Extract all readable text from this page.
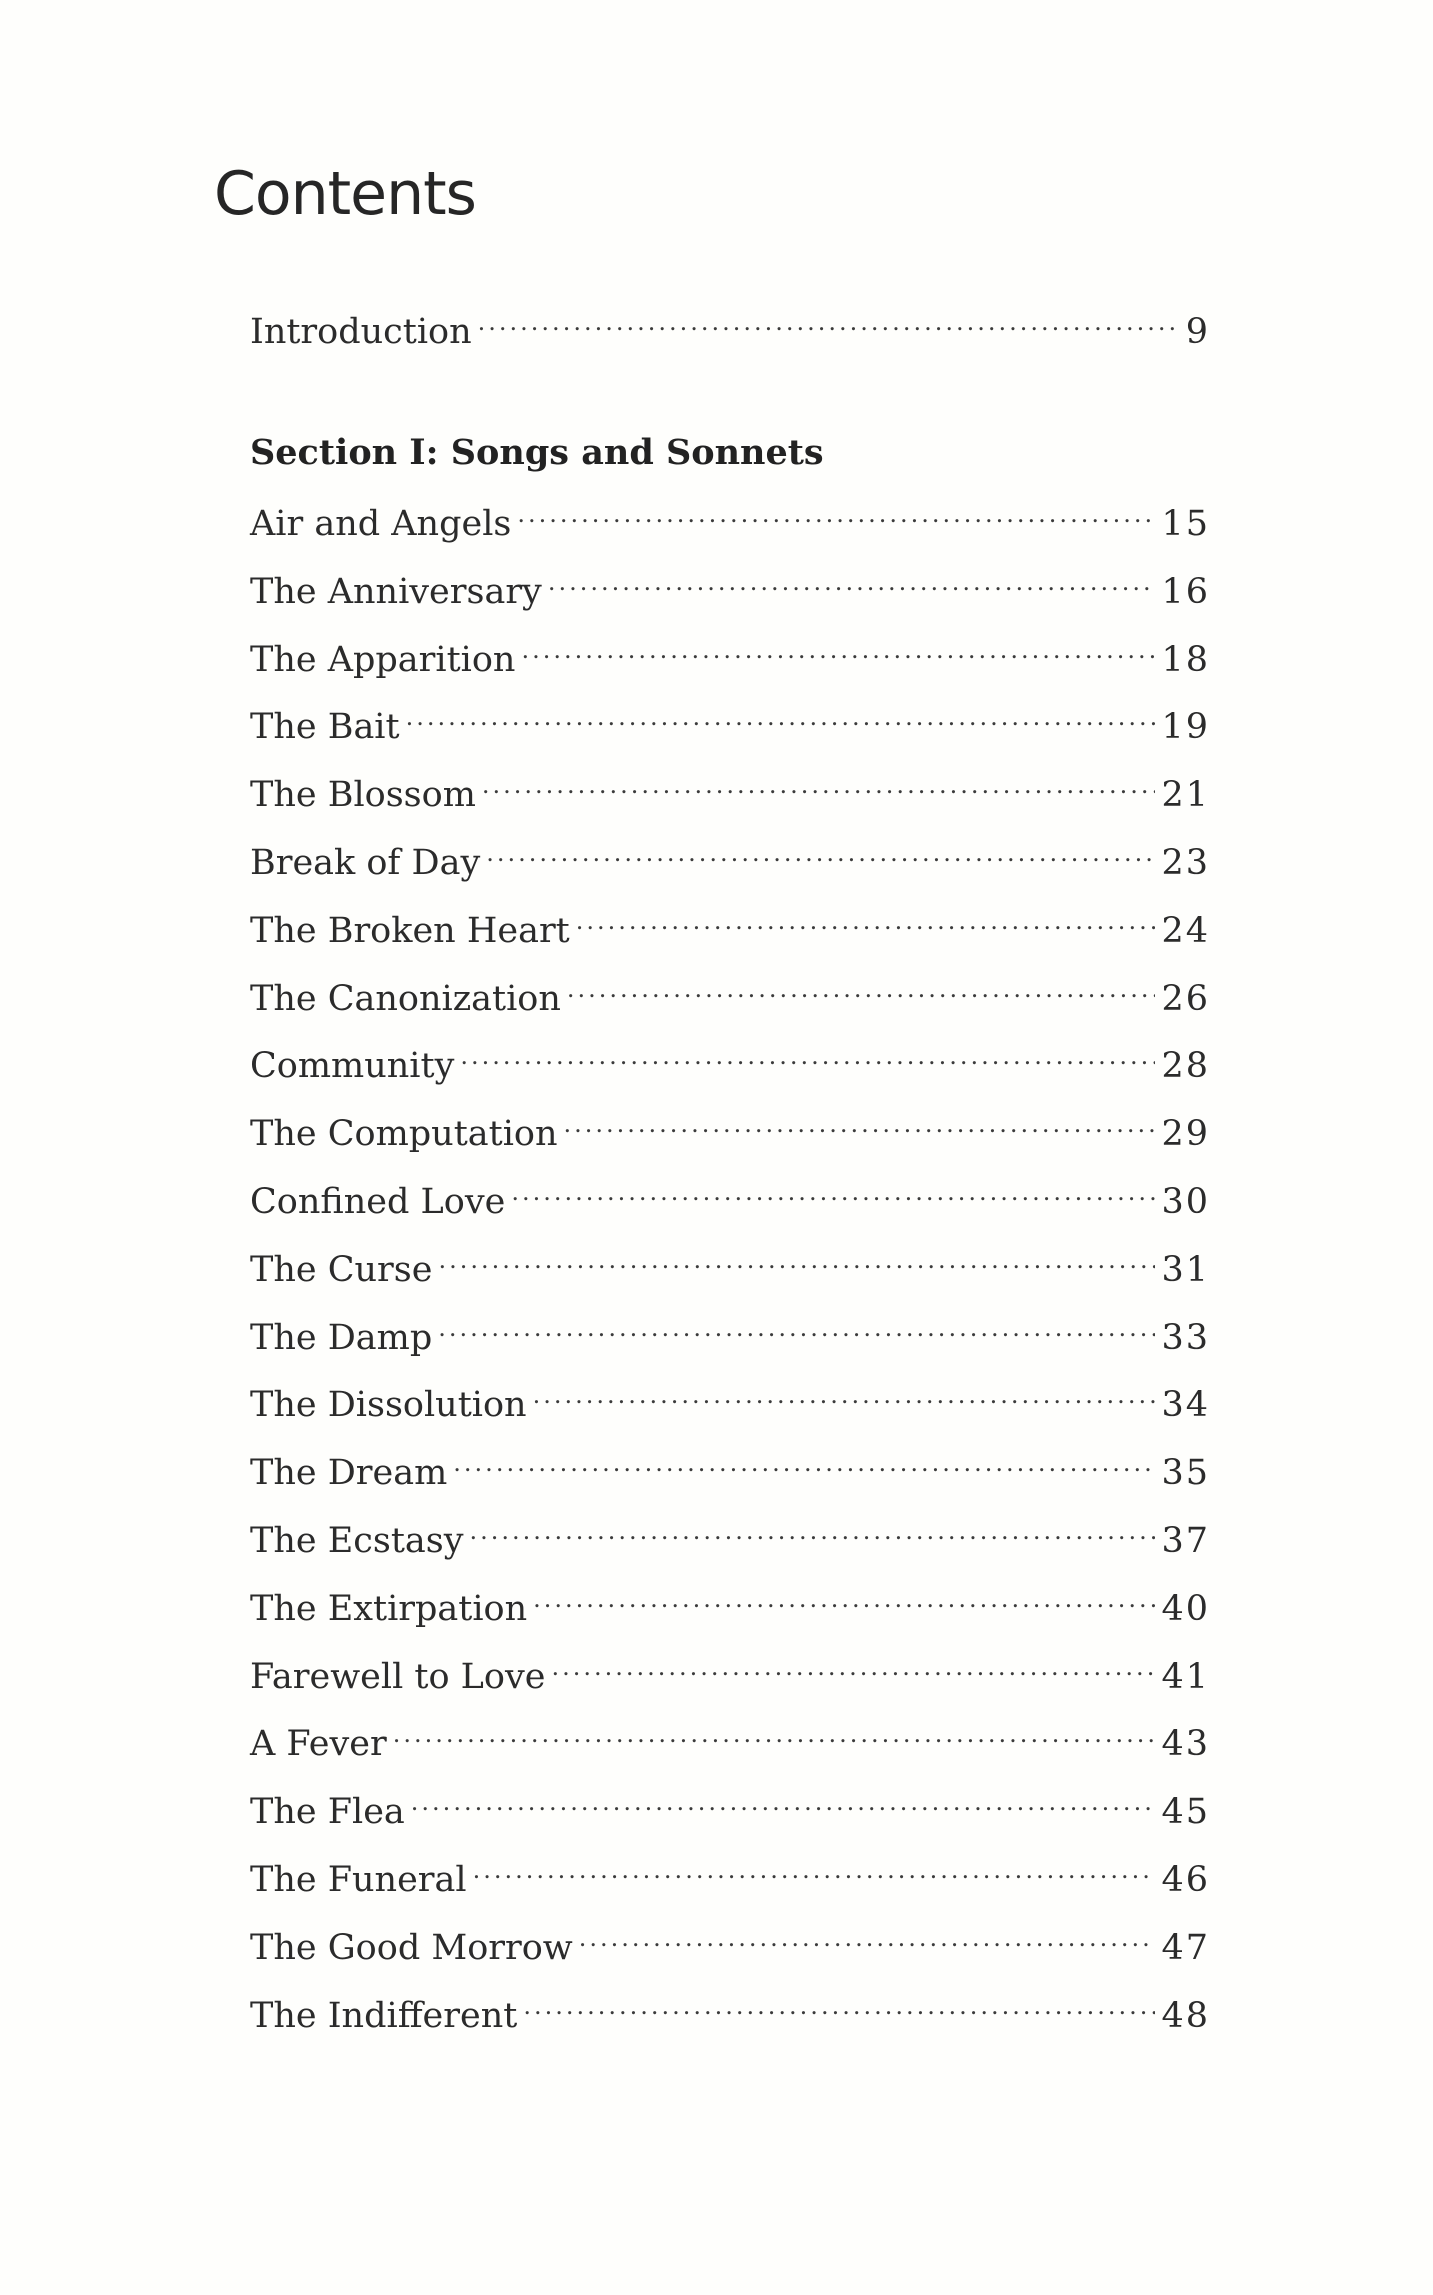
Contents
Introduction .....	9
Section I: Songs and Sonnets
Air and Angels .....	15
The Anniversary .....	16
The Apparition .....	18
The Bait .....	19
The Blossom .....	21
Break of Day .....	23
The Broken Heart .....	24
The Canonization .....	26
Community .....	28
The Computation .....	29
Confined Love .....	30
The Curse .....	31
The Damp .....	33
The Dissolution .....	34
The Dream .....	35
The Ecstasy .....	37
The Extirpation .....	40
Farewell to Love .....	41
A Fever .....	43
The Flea .....	45
The Funeral .....	46
The Good Morrow .....	47
The Indifferent .....	48
